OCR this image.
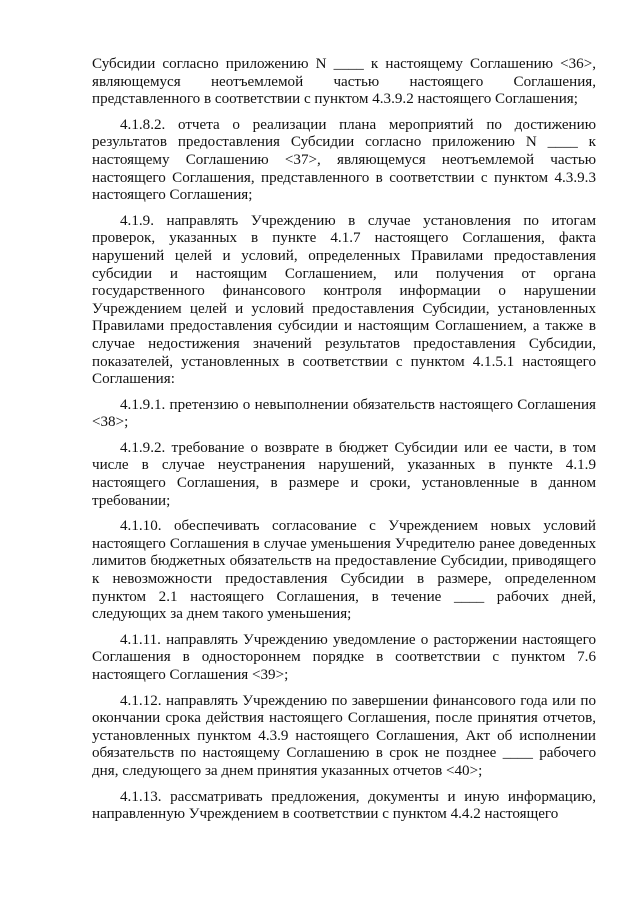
Субсидии согласно приложению N ____ к настоящему Соглашению <36>, являющемуся неотъемлемой частью настоящего Соглашения, представленного в соответствии с пунктом 4.3.9.2 настоящего Соглашения;

4.1.8.2. отчета о реализации плана мероприятий по достижению результатов предоставления Субсидии согласно приложению N ____ к настоящему Соглашению <37>, являющемуся неотъемлемой частью настоящего Соглашения, представленного в соответствии с пунктом 4.3.9.3 настоящего Соглашения;

4.1.9. направлять Учреждению в случае установления по итогам проверок, указанных в пункте 4.1.7 настоящего Соглашения, факта нарушений целей и условий, определенных Правилами предоставления субсидии и настоящим Соглашением, или получения от органа государственного финансового контроля информации о нарушении Учреждением целей и условий предоставления Субсидии, установленных Правилами предоставления субсидии и настоящим Соглашением, а также в случае недостижения значений результатов предоставления Субсидии, показателей, установленных в соответствии с пунктом 4.1.5.1 настоящего Соглашения:

4.1.9.1. претензию о невыполнении обязательств настоящего Соглашения <38>;

4.1.9.2. требование о возврате в бюджет Субсидии или ее части, в том числе в случае неустранения нарушений, указанных в пункте 4.1.9 настоящего Соглашения, в размере и сроки, установленные в данном требовании;

4.1.10. обеспечивать согласование с Учреждением новых условий настоящего Соглашения в случае уменьшения Учредителю ранее доведенных лимитов бюджетных обязательств на предоставление Субсидии, приводящего к невозможности предоставления Субсидии в размере, определенном пунктом 2.1 настоящего Соглашения, в течение ____ рабочих дней, следующих за днем такого уменьшения;

4.1.11. направлять Учреждению уведомление о расторжении настоящего Соглашения в одностороннем порядке в соответствии с пунктом 7.6 настоящего Соглашения <39>;

4.1.12. направлять Учреждению по завершении финансового года или по окончании срока действия настоящего Соглашения, после принятия отчетов, установленных пунктом 4.3.9 настоящего Соглашения, Акт об исполнении обязательств по настоящему Соглашению в срок не позднее ____ рабочего дня, следующего за днем принятия указанных отчетов <40>;

4.1.13. рассматривать предложения, документы и иную информацию, направленную Учреждением в соответствии с пунктом 4.4.2 настоящего
